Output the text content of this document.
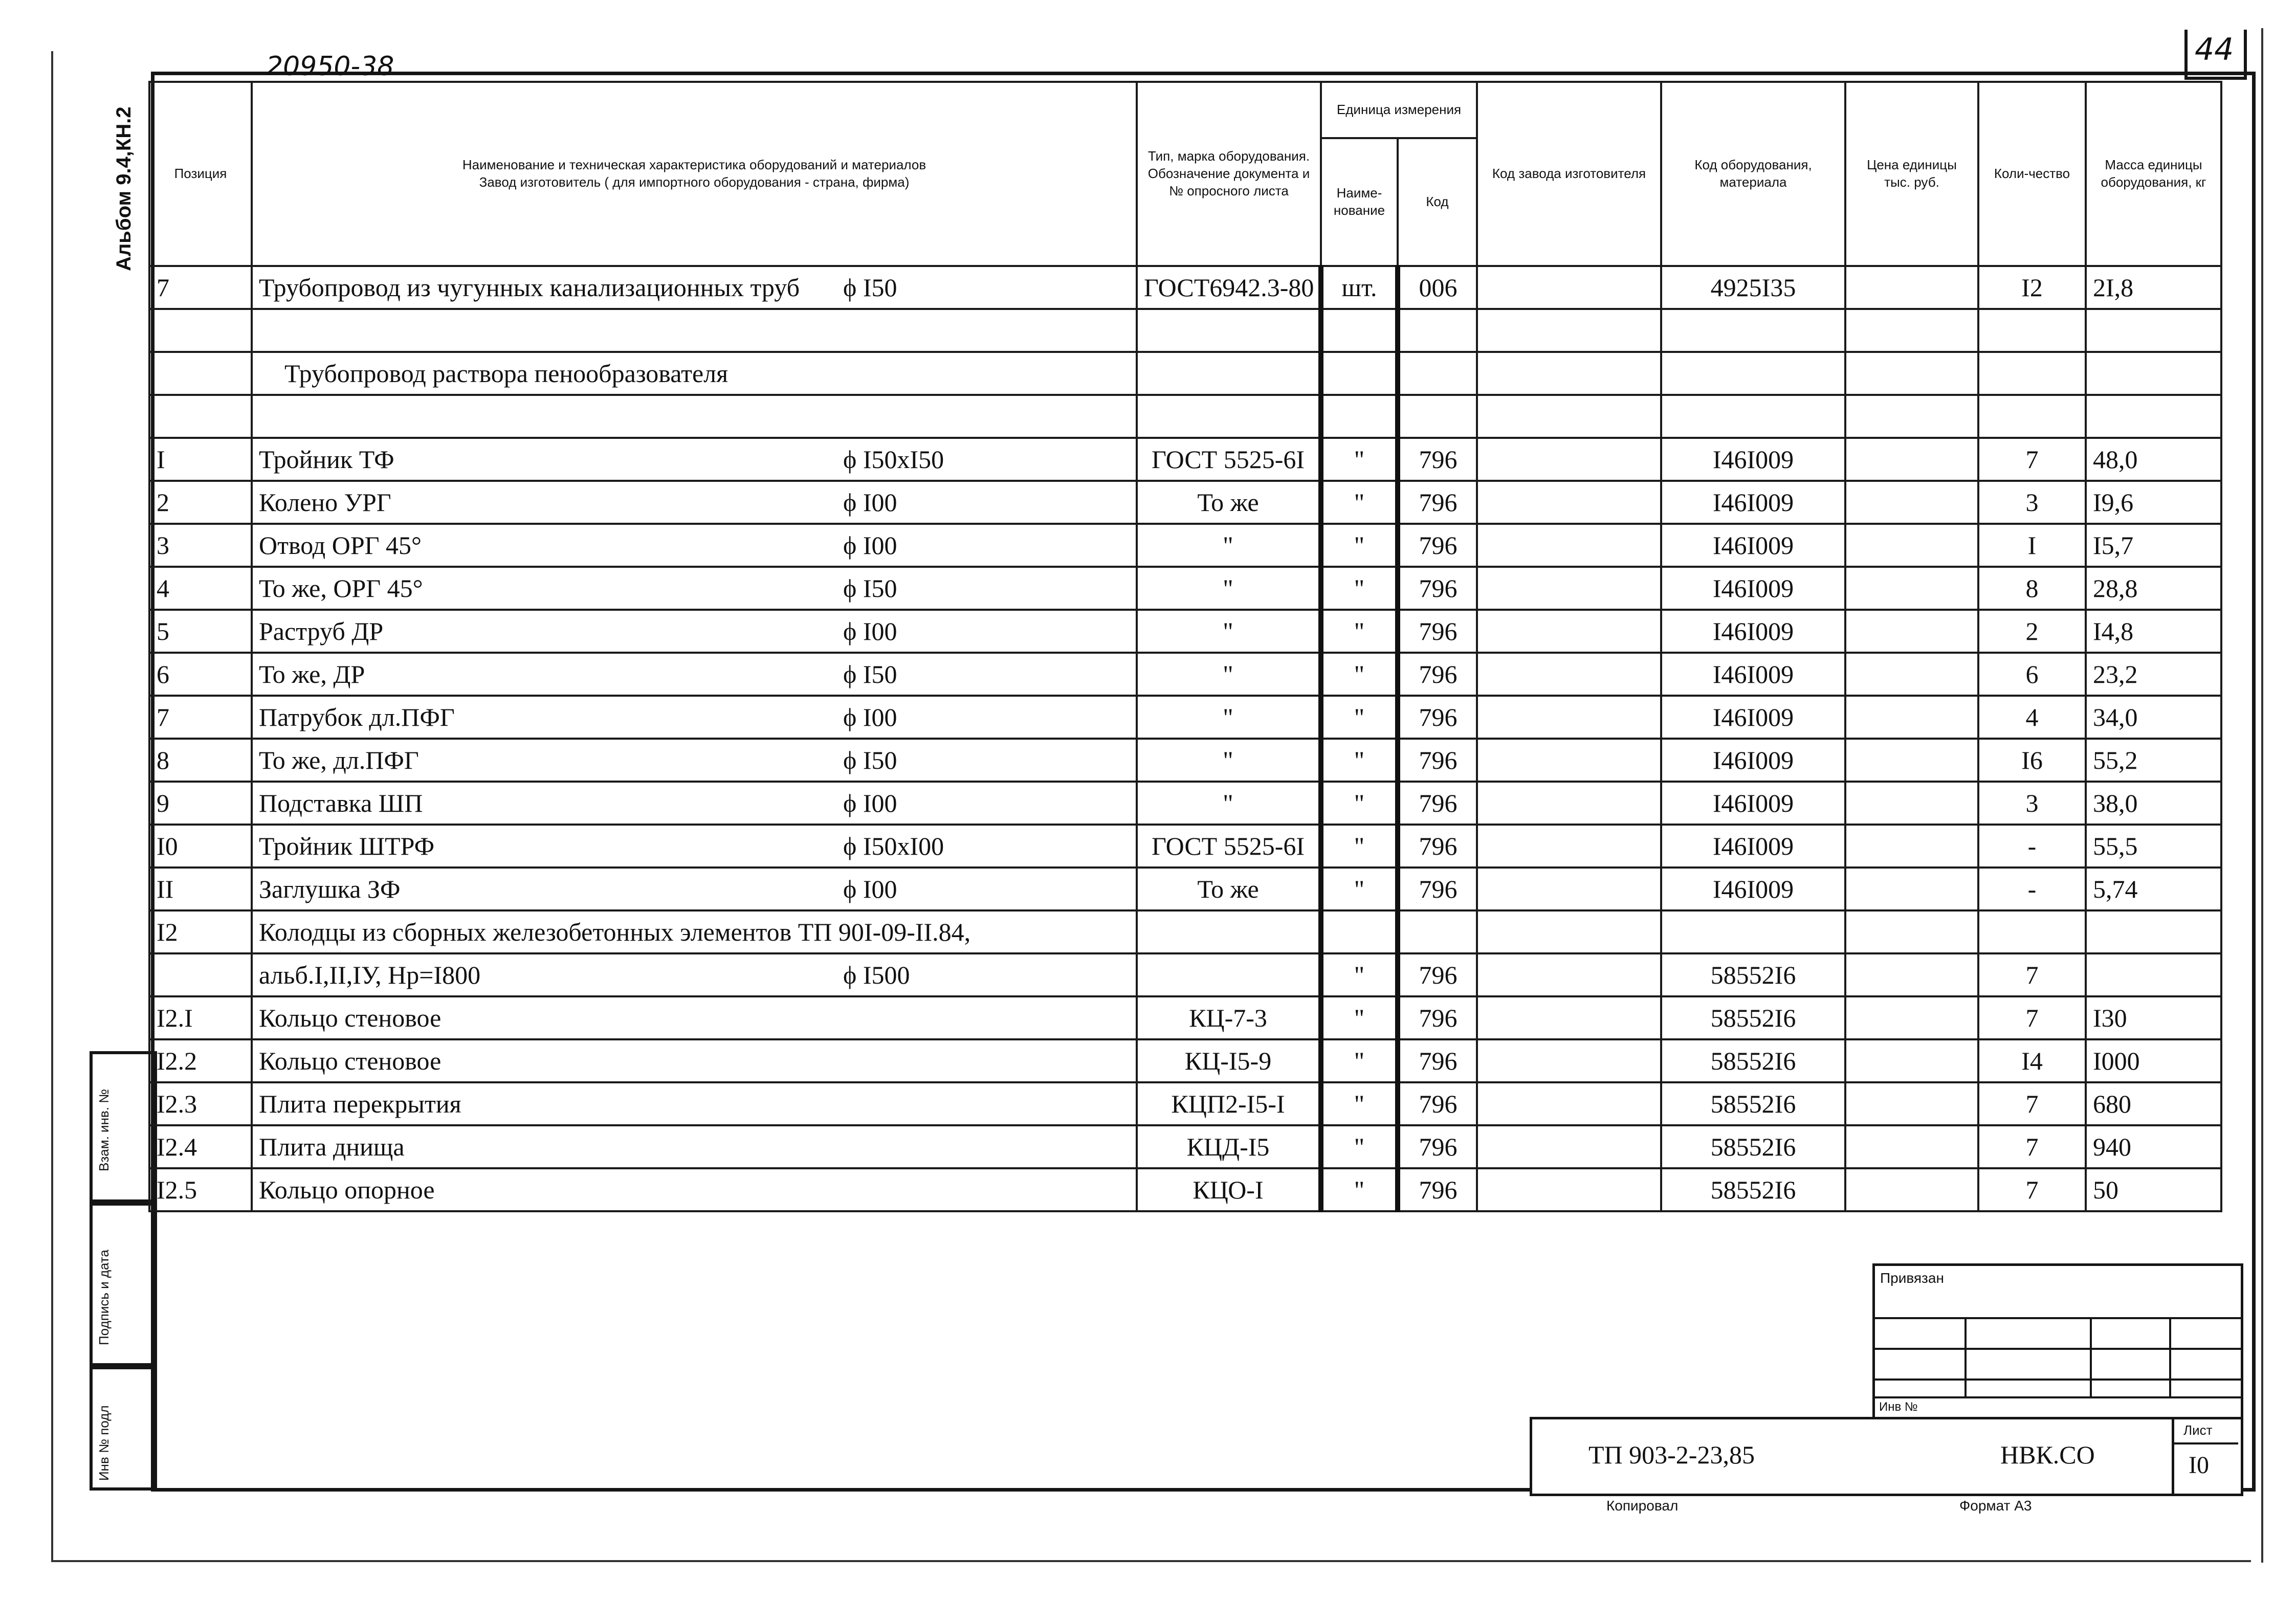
20950-38	44
Альбом 9.4,КН.2
Взам. инв. №
Подпись и дата
Инв № подл
Позиция	Наименование и техническая характеристика оборудований и материалов
Завод изготовитель ( для импортного оборудования - страна, фирма)	Тип, марка оборудования. Обозначение документа и № опросного листа	Единица измерения		Код завода изготовителя	Код оборудования, материала	Цена единицы тыс. руб.	Коли-чество	Масса единицы оборудования, кг
			Наиме-нование	Код					
7	Трубопровод из чугунных канализационных труб ϕ I50	ГОСТ6942.3-80	шт.	006		4925I35		I2	2I,8

	Трубопровод раствора пенообразователя								

I	Тройник ТФ ϕ I50хI50	ГОСТ 5525-6I	"	796		I46I009		7	48,0
2	Колено УРГ ϕ I00	То же	"	796		I46I009		3	I9,6
3	Отвод ОРГ 45° ϕ I00	"	"	796		I46I009		I	I5,7
4	То же, ОРГ 45° ϕ I50	"	"	796		I46I009		8	28,8
5	Раструб ДР ϕ I00	"	"	796		I46I009		2	I4,8
6	То же, ДР ϕ I50	"	"	796		I46I009		6	23,2
7	Патрубок дл.ПФГ ϕ I00	"	"	796		I46I009		4	34,0
8	То же, дл.ПФГ ϕ I50	"	"	796		I46I009		I6	55,2
9	Подставка ШП ϕ I00	"	"	796		I46I009		3	38,0
I0	Тройник ШТРФ ϕ I50хI00	ГОСТ 5525-6I	"	796		I46I009		-	55,5
II	Заглушка ЗФ ϕ I00	То же	"	796		I46I009		-	5,74
I2	Колодцы из сборных железобетонных элементов ТП 90I-09-II.84,								

	альб.I,II,IУ, Нр=I800 ϕ I500		"	796		58552I6		7	
I2.I	Кольцо стеновое	КЦ-7-3	"	796		58552I6		7	I30
I2.2	Кольцо стеновое	КЦ-I5-9	"	796		58552I6		I4	I000
I2.3	Плита перекрытия	КЦП2-I5-I	"	796		58552I6		7	680
I2.4	Плита днища	КЦД-I5	"	796		58552I6		7	940
I2.5	Кольцо опорное	КЦО-I	"	796		58552I6		7	50
Привязан
Инв №
ТП 903-2-23,85	НВК.СО
Лист
I0
Копировал	Формат А3
